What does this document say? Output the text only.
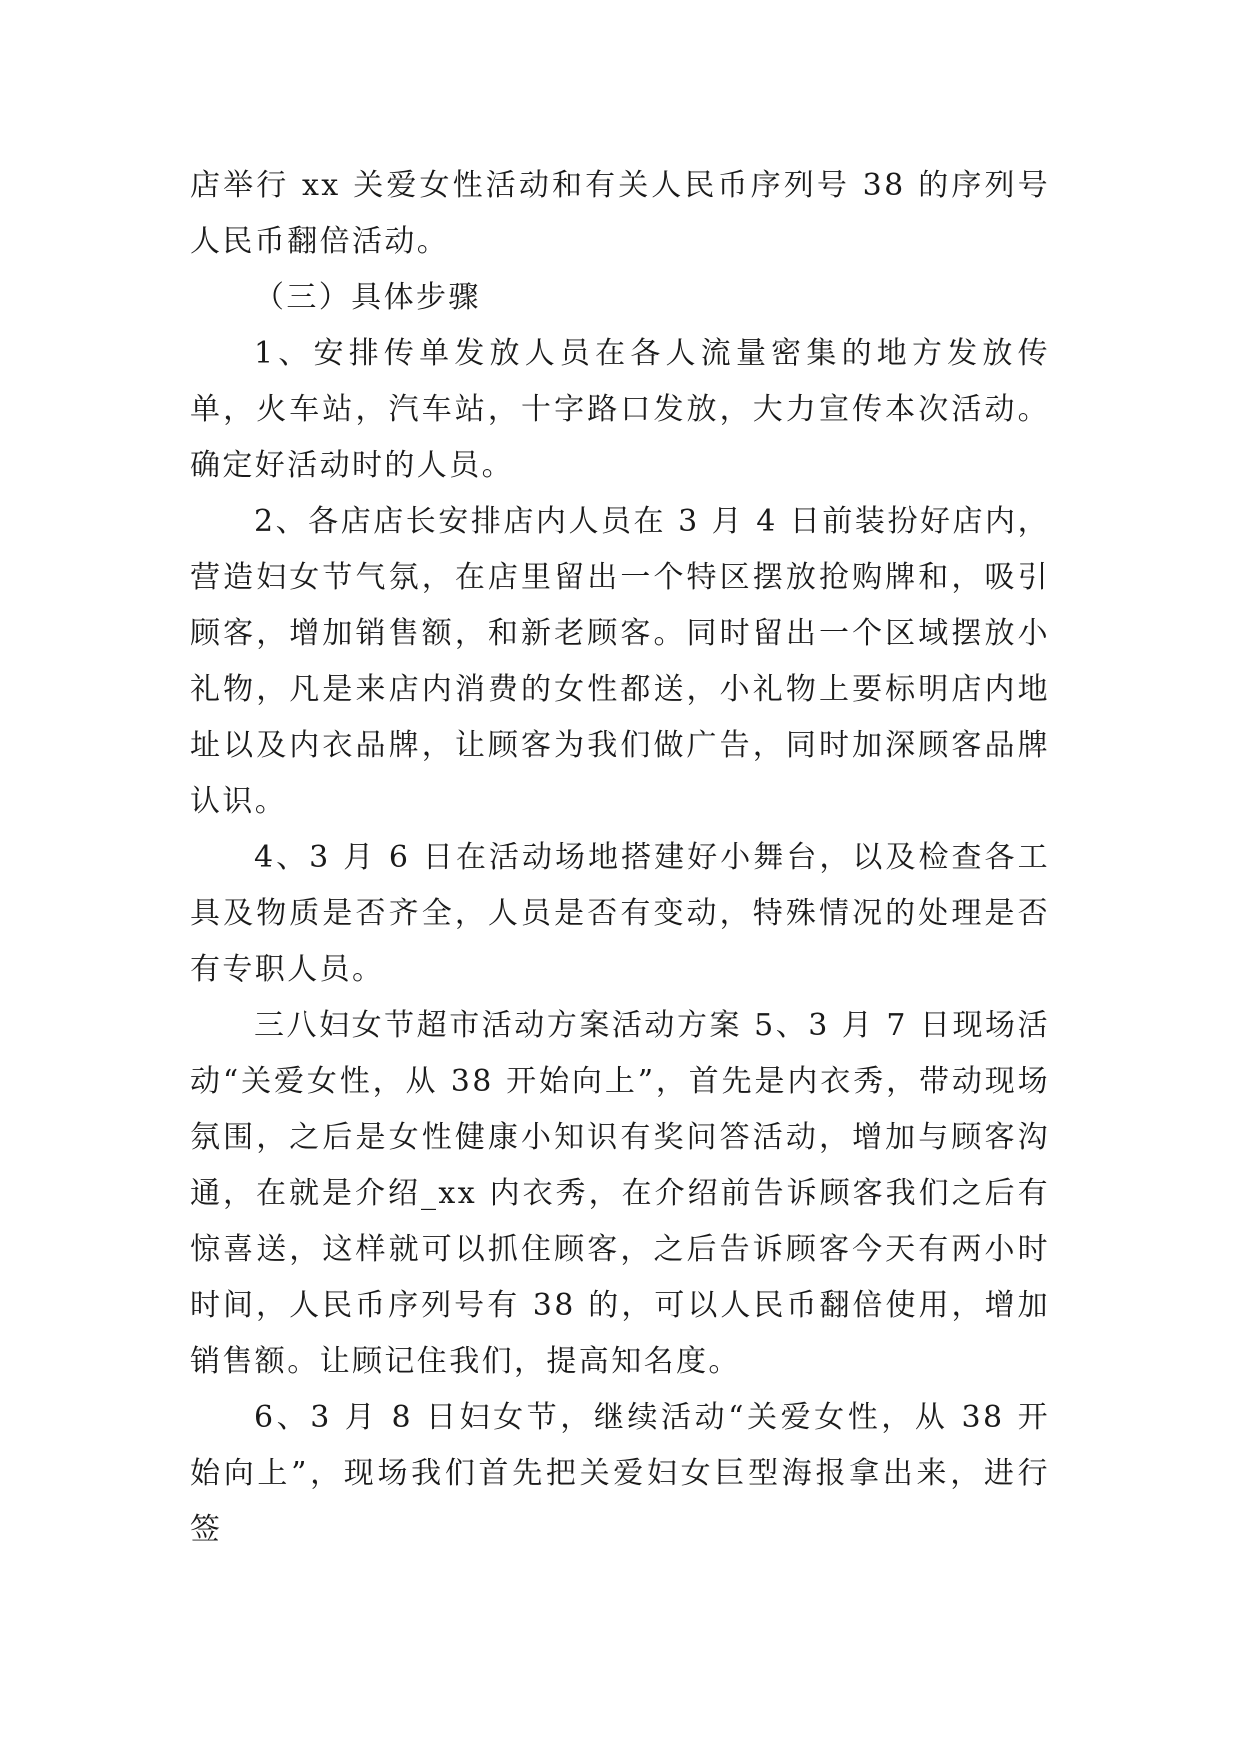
店举行 xx 关爱女性活动和有关人民币序列号 38 的序列号人民币翻倍活动。

（三）具体步骤

1、安排传单发放人员在各人流量密集的地方发放传单，火车站，汽车站，十字路口发放，大力宣传本次活动。确定好活动时的人员。

2、各店店长安排店内人员在 3 月 4 日前装扮好店内，营造妇女节气氛，在店里留出一个特区摆放抢购牌和，吸引顾客，增加销售额，和新老顾客。同时留出一个区域摆放小礼物，凡是来店内消费的女性都送，小礼物上要标明店内地址以及内衣品牌，让顾客为我们做广告，同时加深顾客品牌认识。

4、3 月 6 日在活动场地搭建好小舞台，以及检查各工具及物质是否齐全，人员是否有变动，特殊情况的处理是否有专职人员。

三八妇女节超市活动方案活动方案 5、3 月 7 日现场活动“关爱女性，从 38 开始向上”，首先是内衣秀，带动现场氛围，之后是女性健康小知识有奖问答活动，增加与顾客沟通，在就是介绍_xx 内衣秀，在介绍前告诉顾客我们之后有惊喜送，这样就可以抓住顾客，之后告诉顾客今天有两小时时间，人民币序列号有 38 的，可以人民币翻倍使用，增加销售额。让顾记住我们，提高知名度。

6、3 月 8 日妇女节，继续活动“关爱女性，从 38 开始向上”，现场我们首先把关爱妇女巨型海报拿出来，进行签
